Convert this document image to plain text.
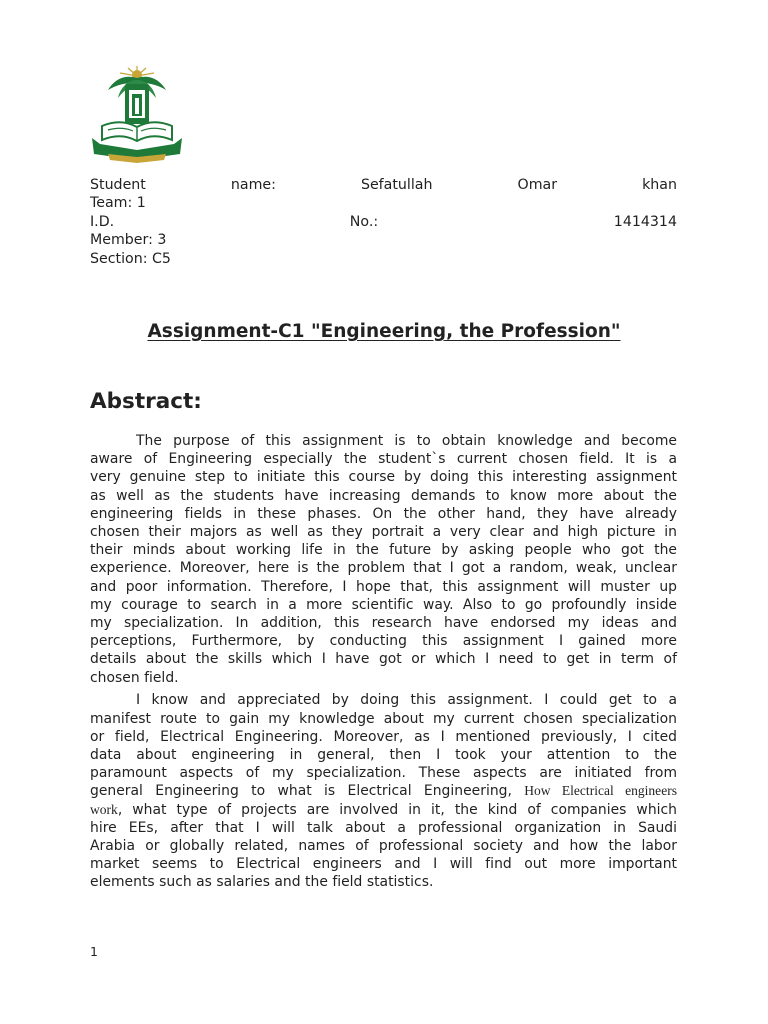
Student	name:	Sefatullah	Omar	khan
Team: 1
I.D.	No.:	1414314
Member: 3
Section: C5
Assignment-C1 "Engineering, the Profession"
Abstract:

The purpose of this assignment is to obtain knowledge and become
aware of Engineering especially the student`s current chosen field. It is a
very genuine step to initiate this course by doing this interesting assignment
as well as the students have increasing demands to know more about the
engineering fields in these phases. On the other hand, they have already
chosen their majors as well as they portrait a very clear and high picture in
their minds about working life in the future by asking people who got the
experience. Moreover, here is the problem that I got a random, weak, unclear
and poor information. Therefore, I hope that, this assignment will muster up
my courage to search in a more scientific way. Also to go profoundly inside
my specialization. In addition, this research have endorsed my ideas and
perceptions, Furthermore, by conducting this assignment I gained more
details about the skills which I have got or which I need to get in term of
chosen field.

I know and appreciated by doing this assignment. I could get to a
manifest route to gain my knowledge about my current chosen specialization
or field, Electrical Engineering. Moreover, as I mentioned previously, I cited
data about engineering in general, then I took your attention to the
paramount aspects of my specialization. These aspects are initiated from
general Engineering to what is Electrical Engineering, How Electrical engineers
work, what type of projects are involved in it, the kind of companies which
hire EEs, after that I will talk about a professional organization in Saudi
Arabia or globally related, names of professional society and how the labor
market seems to Electrical engineers and I will find out more important
elements such as salaries and the field statistics.

1
